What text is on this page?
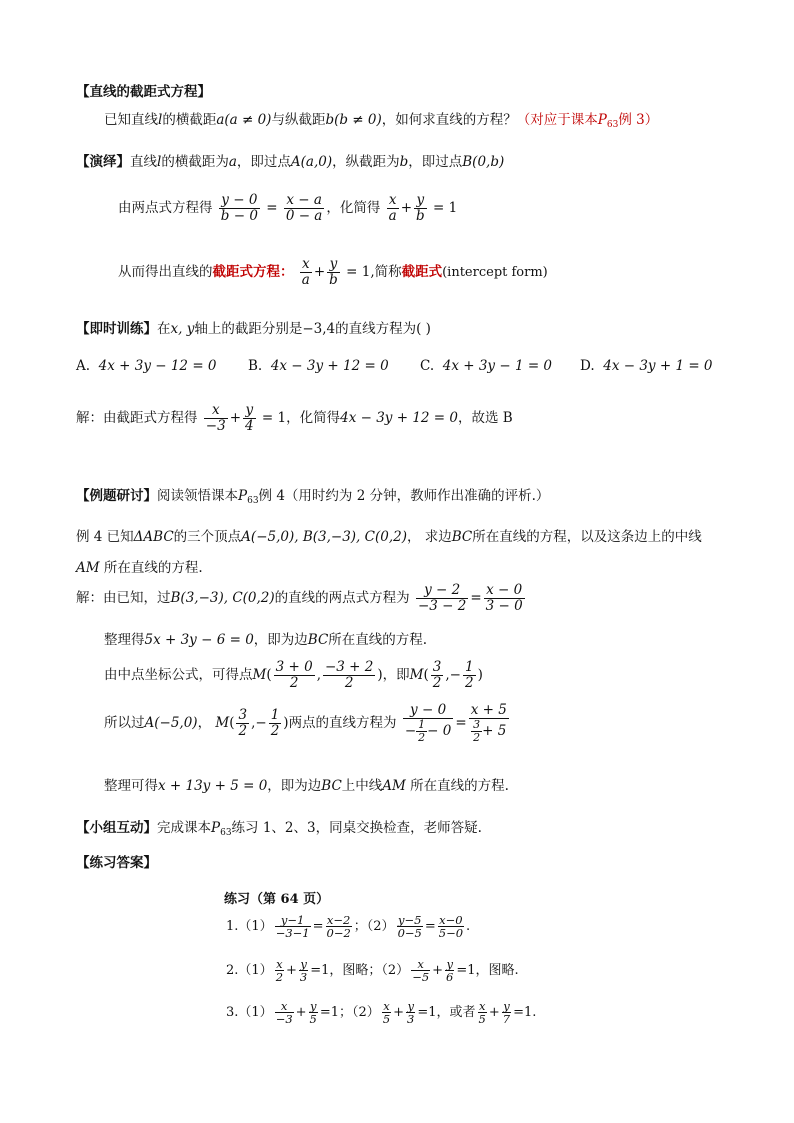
【直线的截距式方程】
已知直线l的横截距a(a ≠ 0)与纵截距b(b ≠ 0)，如何求直线的方程？（对应于课本$P_{63}$例 3）
【演绎】直线l的横截距为a，即过点A(a,0)，纵截距为b，即过点B(0,b)
由两点式方程得 $\frac{y - 0}{b - 0} = \frac{x - a}{0 - a}$ ，化简得 $\frac{x}{a} + \frac{y}{b} = 1$
从而得出直线的截距式方程： $\frac{x}{a} + \frac{y}{b} = 1$,简称截距式(intercept form)
【即时训练】在x, y轴上的截距分别是−3,4的直线方程为( )
A. 4x + 3y − 12 = 0 B. 4x − 3y + 12 = 0 C. 4x + 3y − 1 = 0 D. 4x − 3y + 1 = 0
解：由截距式方程得 $\frac{x}{-3} + \frac{y}{4} = 1$，化简得4x − 3y + 12 = 0，故选 B
【例题研讨】阅读领悟课本$P_{63}$例 4（用时约为 2 分钟，教师作出准确的评析.）
例 4 已知ΔABC的三个顶点A(−5,0), B(3,−3), C(0,2)， 求边BC所在直线的方程，以及这条边上的中线
AM 所在直线的方程.
解：由已知，过B(3,−3), C(0,2)的直线的两点式方程为 $\frac{y - 2}{-3 - 2} = \frac{x - 0}{3 - 0}$
整理得5x + 3y − 6 = 0，即为边BC所在直线的方程.
由中点坐标公式，可得点$M( \frac{3 + 0}{2}$ , $\frac{-3 + 2}{2}$ )，即$M( \frac{3}{2}$ ,− $\frac{1}{2}$ )
所以过A(−5,0)， $M( \frac{3}{2}$ ,− $\frac{1}{2}$ )两点的直线方程为 $\frac{y - 0}{- \frac{1}{2} - 0} = \frac{x + 5}{\frac{3}{2} + 5}$
整理可得x + 13y + 5 = 0，即为边BC上中线AM 所在直线的方程.
【小组互动】完成课本$P_{63}$练习 1、2、3，同桌交换检查，老师答疑.
【练习答案】
练习（第 64 页）
$1.(1) \frac{y-1}{-3-1} = \frac{x-2}{0-2}$ ；$(2) \frac{y-5}{0-5} = \frac{x-0}{5-0}$ .
$2.(1) \frac{x}{2} + \frac{y}{3} =1$，图略；$(2) \frac{x}{-5} + \frac{y}{6} =1$，图略.
$3.(1) \frac{x}{-3} + \frac{y}{5} =1$；$(2) \frac{x}{5} + \frac{y}{3} =1$，或者 $\frac{x}{5} + \frac{y}{7} =1$.
